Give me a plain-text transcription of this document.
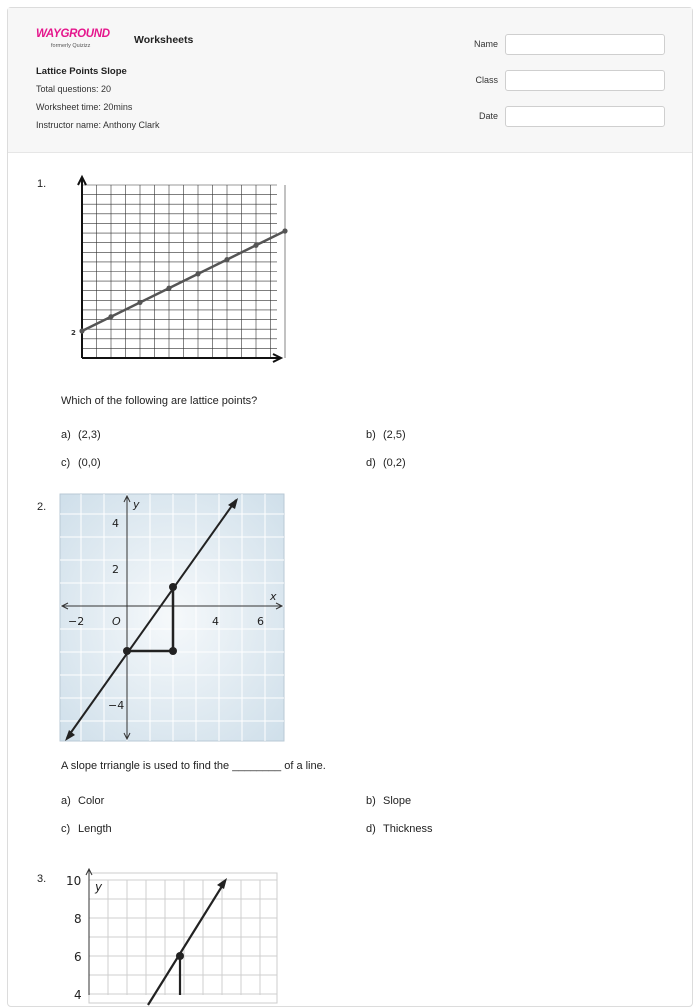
WAYGROUND
formerly Quizizz	Worksheets
Lattice Points Slope
Total questions: 20
Worksheet time: 20mins
Instructor name: Anthony Clark
Name
Class
Date
1.
2
Which of the following are lattice points?
a) (2,3)	b) (2,5)
c) (0,0)	d) (0,2)
2.	y
x
4
2
−4
−2	O	4	6
A slope trriangle is used to find the ________ of a line.
a) Color	b) Slope
c) Length	d) Thickness
3. 10 y
8
6
4
